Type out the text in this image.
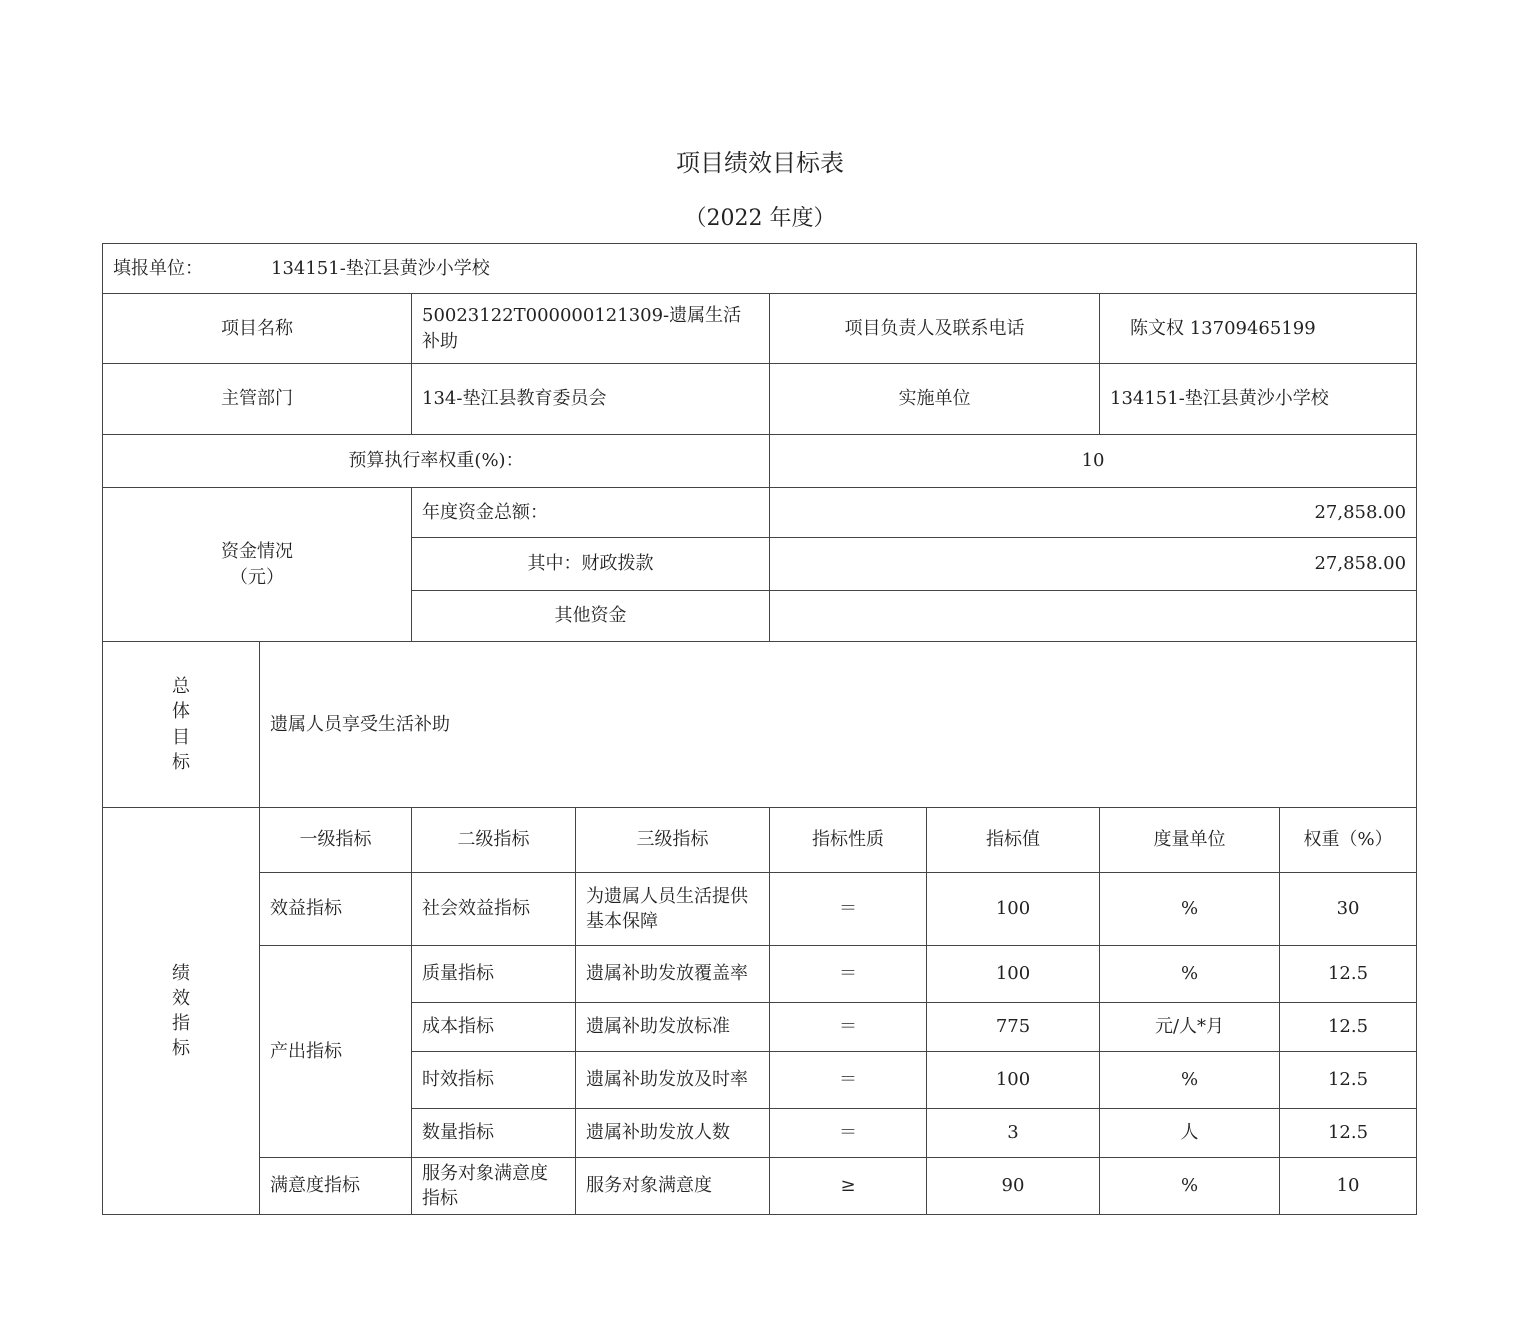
项目绩效目标表
（2022 年度）
填报单位： 134151-垫江县黄沙小学校							
项目名称		50023122T000000121309-遗属生活补助		项目负责人及联系电话		陈文权 13709465199	
主管部门		134-垫江县教育委员会		实施单位		134151-垫江县黄沙小学校	
预算执行率权重(%)：				10			

资金情况
（元）		年度资金总额：		27,858.00			
		其中：财政拨款		27,858.00			
		其他资金					

总
体
目
标	遗属人员享受生活补助						

绩
效
指
标	一级指标	二级指标	三级指标	指标性质	指标值	度量单位	权重（%）
	效益指标	社会效益指标	为遗属人员生活提供基本保障	＝	100	%	30
	产出指标	质量指标	遗属补助发放覆盖率	＝	100	%	12.5
		成本指标	遗属补助发放标准	＝	775	元/人*月	12.5
		时效指标	遗属补助发放及时率	＝	100	%	12.5
		数量指标	遗属补助发放人数	＝	3	人	12.5
	满意度指标	服务对象满意度指标	服务对象满意度	≥	90	%	10
